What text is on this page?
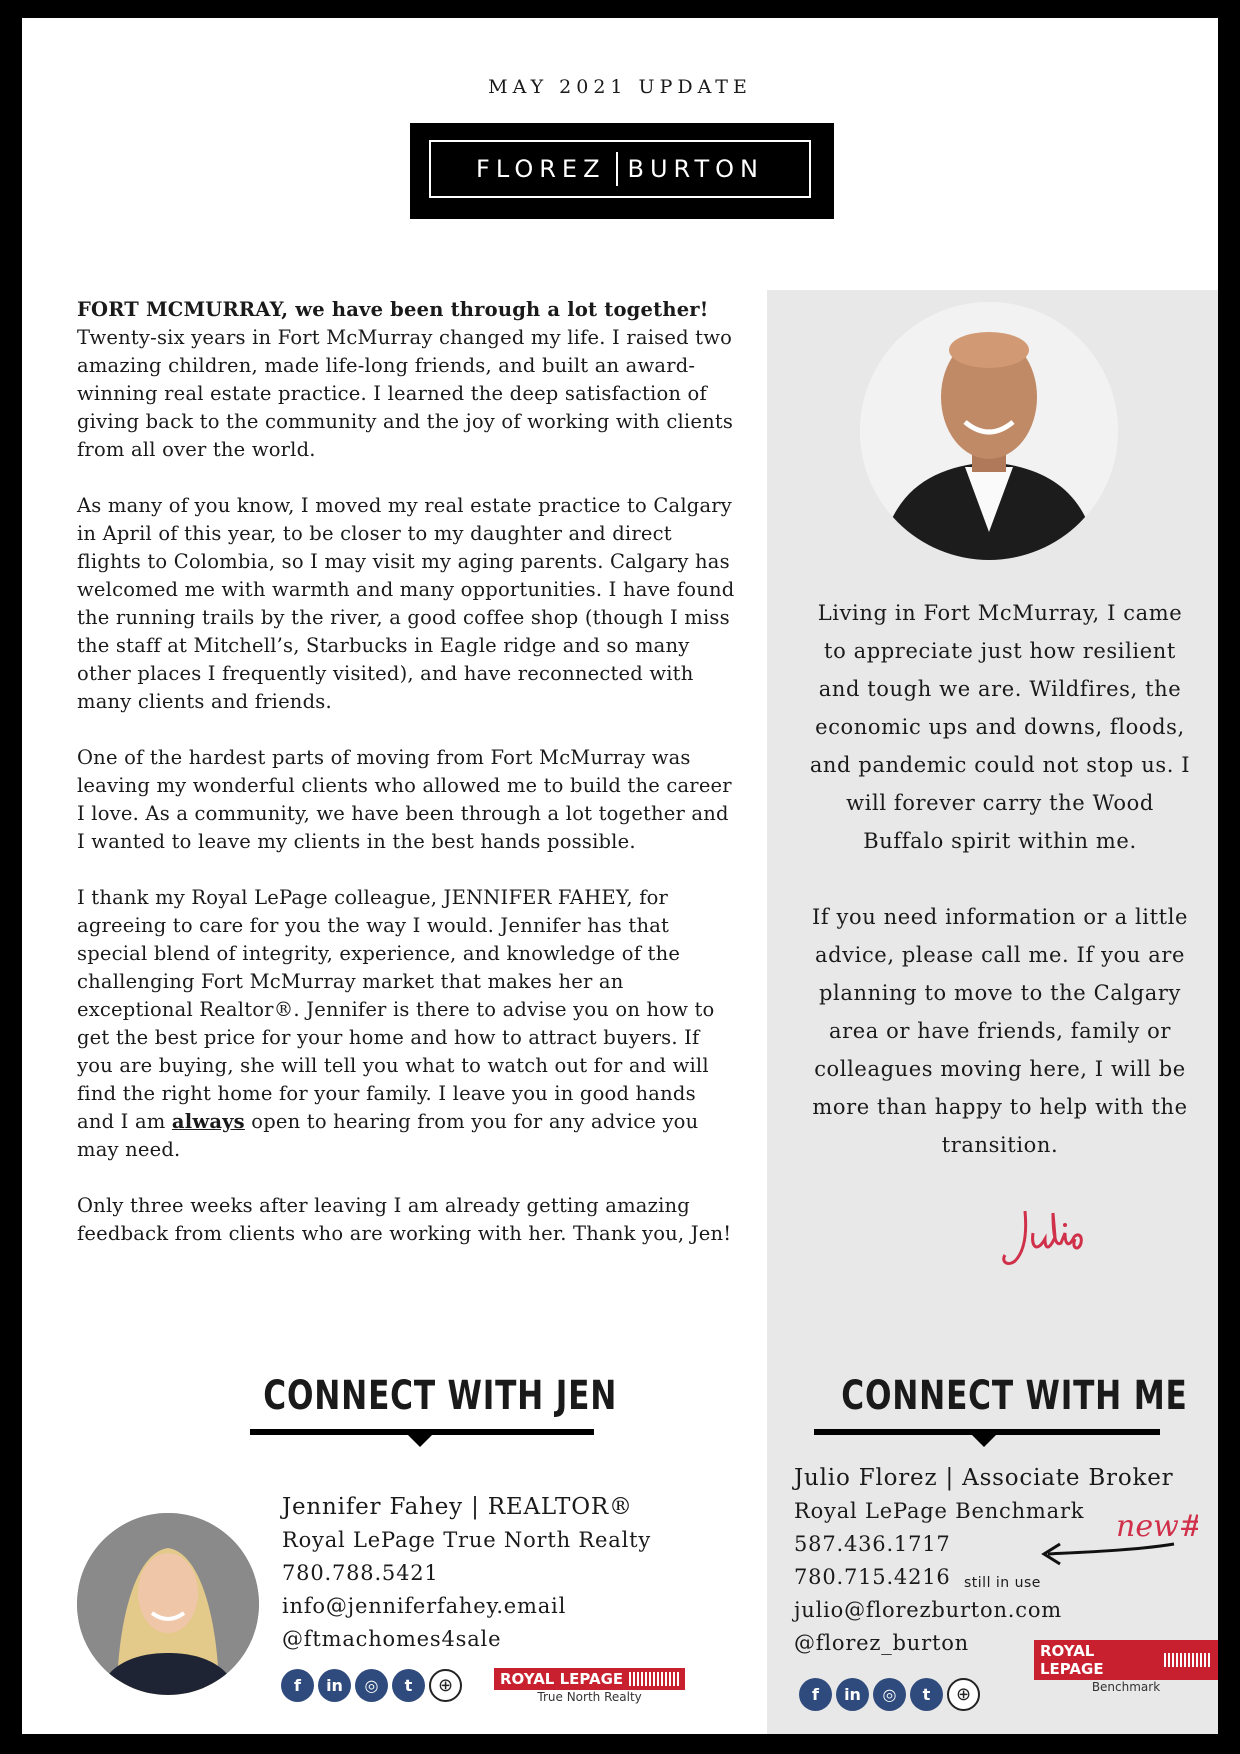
MAY 2021 UPDATE
FLOREZ BURTON

FORT MCMURRAY, we have been through a lot together! Twenty-six years in Fort McMurray changed my life. I raised two amazing children, made life-long friends, and built an award-winning real estate practice. I learned the deep satisfaction of giving back to the community and the joy of working with clients from all over the world.

As many of you know, I moved my real estate practice to Calgary in April of this year, to be closer to my daughter and direct flights to Colombia, so I may visit my aging parents. Calgary has welcomed me with warmth and many opportunities. I have found the running trails by the river, a good coffee shop (though I miss the staff at Mitchell’s, Starbucks in Eagle ridge and so many other places I frequently visited), and have reconnected with many clients and friends.

One of the hardest parts of moving from Fort McMurray was leaving my wonderful clients who allowed me to build the career I love. As a community, we have been through a lot together and I wanted to leave my clients in the best hands possible.

I thank my Royal LePage colleague, JENNIFER FAHEY, for agreeing to care for you the way I would. Jennifer has that special blend of integrity, experience, and knowledge of the challenging Fort McMurray market that makes her an exceptional Realtor®. Jennifer is there to advise you on how to get the best price for your home and how to attract buyers. If you are buying, she will tell you what to watch out for and will find the right home for your family. I leave you in good hands and I am always open to hearing from you for any advice you may need.

Only three weeks after leaving I am already getting amazing feedback from clients who are working with her. Thank you, Jen!

Living in Fort McMurray, I came to appreciate just how resilient and tough we are. Wildfires, the economic ups and downs, floods, and pandemic could not stop us. I will forever carry the Wood Buffalo spirit within me.

If you need information or a little advice, please call me. If you are planning to move to the Calgary area or have friends, family or colleagues moving here, I will be more than happy to help with the transition.

CONNECT WITH JEN
Jennifer Fahey | REALTOR®
Royal LePage True North Realty
780.788.5421
info@jenniferfahey.email
@ftmachomes4sale
f	in	◎	t	⊕	ROYAL LEPAGE
True North Realty
CONNECT WITH ME
Julio Florez | Associate Broker
Royal LePage Benchmark
587.436.1717
780.715.4216
julio@florezburton.com
@florez_burton
still in use
new#
f	in	◎	t	⊕
ROYAL LEPAGE
Benchmark
